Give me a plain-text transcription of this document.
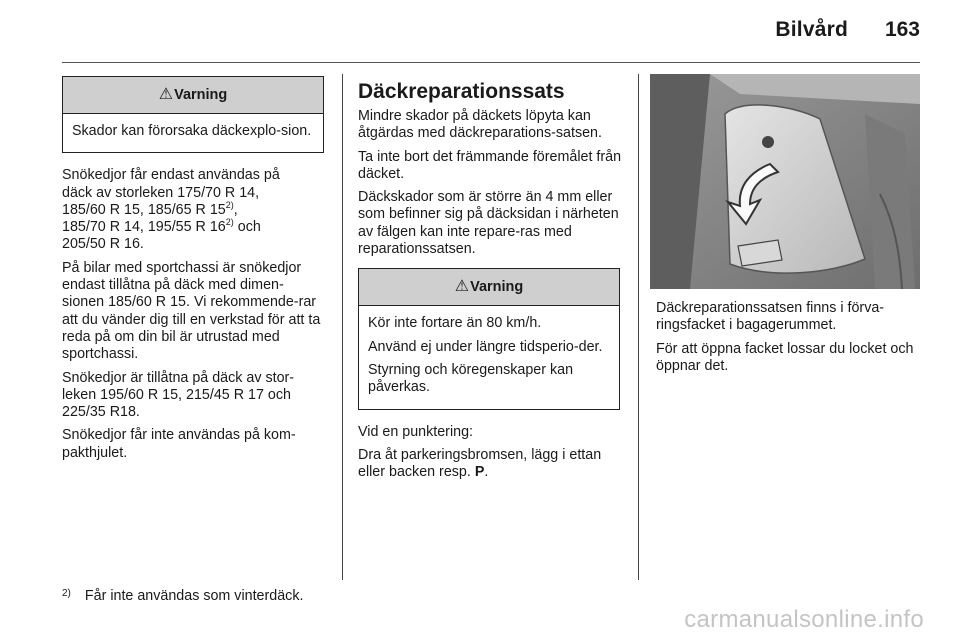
Bilvård 163
⚠Varning

Skador kan förorsaka däckexplo-sion.

Snökedjor får endast användas på
däck av storleken 175/70 R 14,
185/60 R 15, 185/65 R 15$^{2)}$,
185/70 R 14, 195/55 R 16$^{2)}$ och
205/50 R 16.

På bilar med sportchassi är snökedjor endast tillåtna på däck med dimen-sionen 185/60 R 15. Vi rekommende-rar att du vänder dig till en verkstad för att ta reda på om din bil är utrustad med sportchassi.

Snökedjor är tillåtna på däck av stor-leken 195/60 R 15, 215/45 R 17 och 225/35 R18.

Snökedjor får inte användas på kom-pakthjulet.

Däckreparationssats

Mindre skador på däckets löpyta kan åtgärdas med däckreparations-satsen.

Ta inte bort det främmande föremålet från däcket.

Däckskador som är större än 4 mm eller som befinner sig på däcksidan i närheten av fälgen kan inte repare-ras med reparationssatsen.

⚠Varning

Kör inte fortare än 80 km/h.

Använd ej under längre tidsperio-der.

Styrning och köregenskaper kan påverkas.

Vid en punktering:

Dra åt parkeringsbromsen, lägg i ettan eller backen resp. P.

Däckreparationssatsen finns i förva-ringsfacket i bagagerummet.

För att öppna facket lossar du locket och öppnar det.

$^{2)}$ Får inte användas som vinterdäck.
carmanualsonline.info
